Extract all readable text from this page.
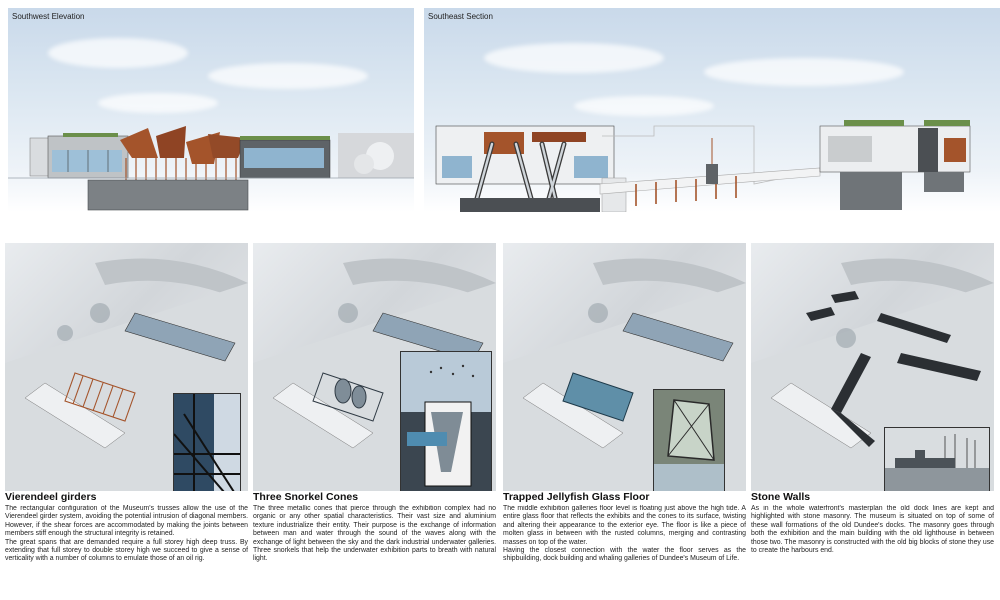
Southwest Elevation	Southeast Section
Vierendeel girders
The rectangular configuration of the Museum's trusses allow the use of the Vierendeel girder system, avoiding the potential intrusion of diagonal members. However, if the shear forces are accommodated by making the joints between members stiff enough the structural integrity is retained.
The great spans that are demanded require a full storey high deep truss. By extending that full storey to double storey high we succeed to give a sense of verticality with a number of columns to emulate those of an oil rig.
Three Snorkel Cones
The three metallic cones that pierce through the exhibition complex had no organic or any other spatial characteristics. Their vast size and aluminium texture industrialize their entity. Their purpose is the exchange of information between man and water through the sound of the waves along with the exchange of light between the sky and the dark industrial underwater galleries. Three snorkels that help the underwater exhibition parts to breath with natural light.
Trapped Jellyfish Glass Floor
The middle exhibition galleries floor level is floating just above the high tide. A entire glass floor that reflects the exhibits and the cones to its surface, twisting and altering their appearance to the exterior eye. The floor is like a piece of molten glass in between with the rusted columns, merging and contrasting masses on top of the water.
Having the closest connection with the water the floor serves as the shipbuilding, dock building and whaling galleries of Dundee's Museum of Life.
Stone Walls
As in the whole waterfront's masterplan the old dock lines are kept and highlighted with stone masonry. The museum is situated on top of some of these wall formations of the old Dundee's docks. The masonry goes through both the exhibition and the main building with the old lighthouse in between those two. The masonry is constructed with the old big blocks of stone they use to create the harbours end.
